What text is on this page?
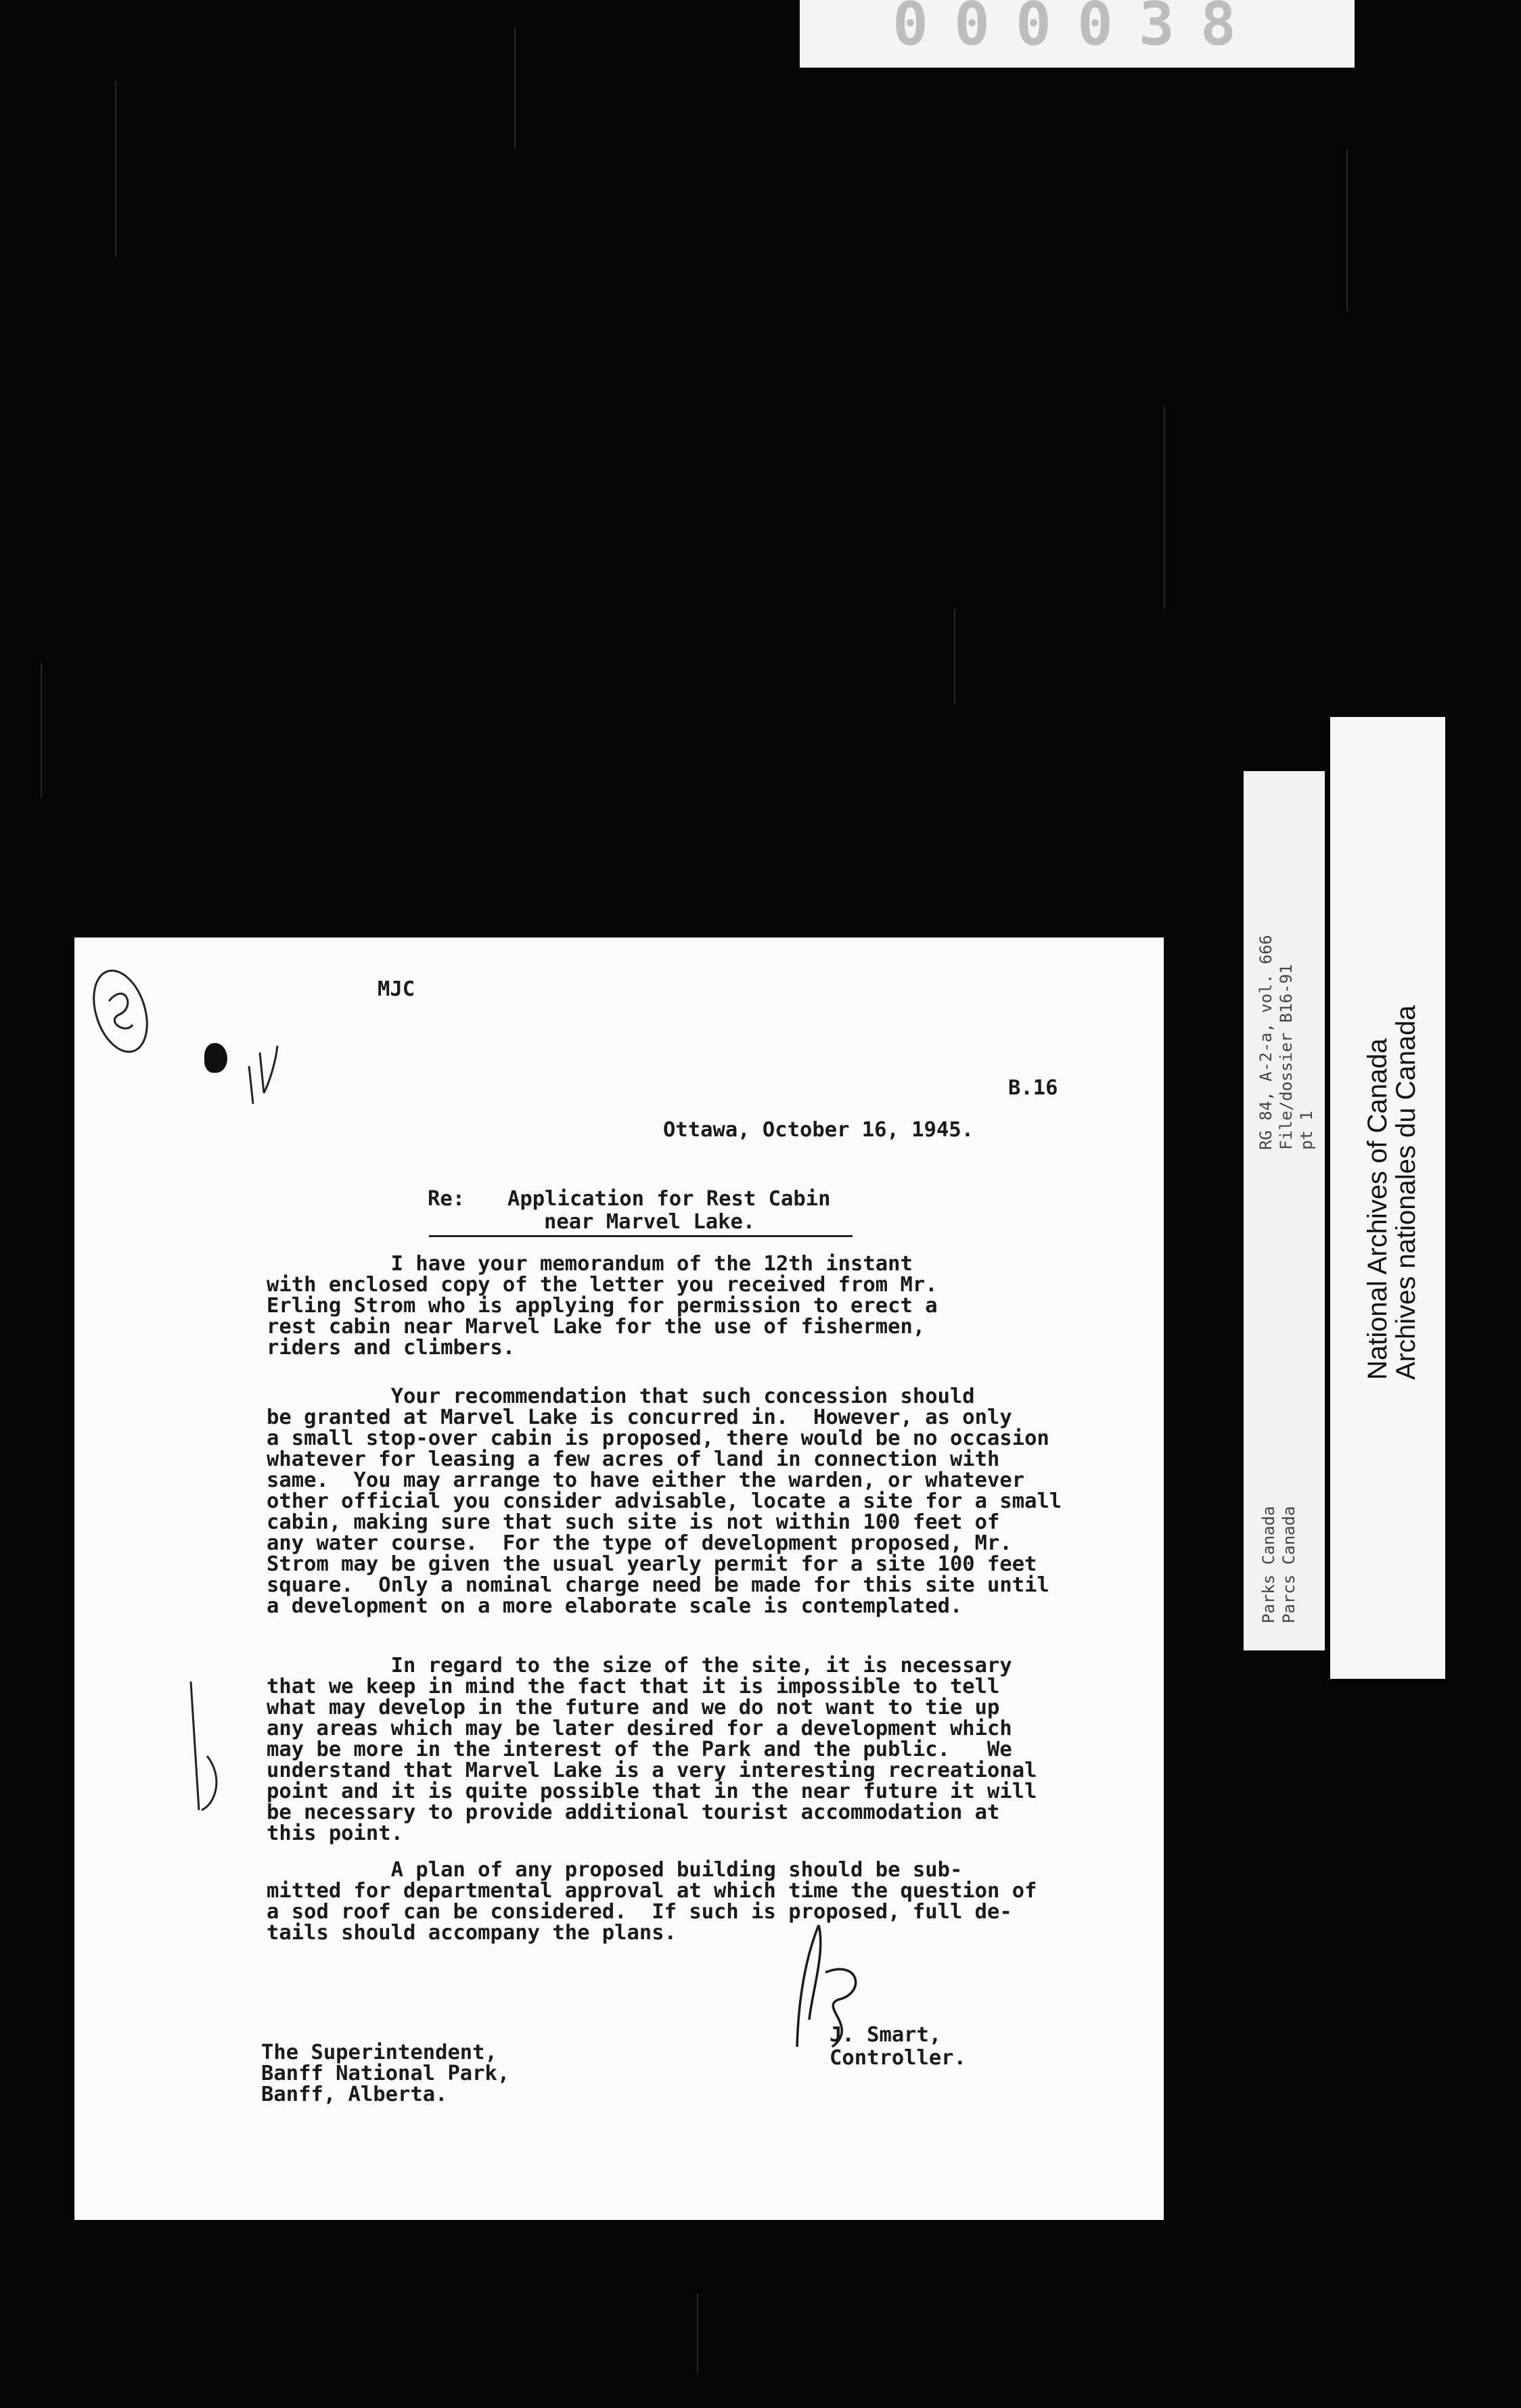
000038
RG 84, A-2-a, vol. 666
File/dossier B16-91
pt 1
Parks Canada
Parcs Canada
National Archives of Canada
Archives nationales du Canada

MJC

B.16

Ottawa, October 16, 1945.

Re: Application for Rest Cabin

near Marvel Lake.

I have your memorandum of the 12th instant

with enclosed copy of the letter you received from Mr.

Erling Strom who is applying for permission to erect a

rest cabin near Marvel Lake for the use of fishermen,

riders and climbers.

Your recommendation that such concession should

be granted at Marvel Lake is concurred in.  However, as only

a small stop-over cabin is proposed, there would be no occasion

whatever for leasing a few acres of land in connection with

same.  You may arrange to have either the warden, or whatever

other official you consider advisable, locate a site for a small

cabin, making sure that such site is not within 100 feet of

any water course.  For the type of development proposed, Mr.

Strom may be given the usual yearly permit for a site 100 feet

square.  Only a nominal charge need be made for this site until

a development on a more elaborate scale is contemplated.

In regard to the size of the site, it is necessary

that we keep in mind the fact that it is impossible to tell

what may develop in the future and we do not want to tie up

any areas which may be later desired for a development which

may be more in the interest of the Park and the public.   We

understand that Marvel Lake is a very interesting recreational

point and it is quite possible that in the near future it will

be necessary to provide additional tourist accommodation at

this point.

A plan of any proposed building should be sub-

mitted for departmental approval at which time the question of

a sod roof can be considered.  If such is proposed, full de-

tails should accompany the plans.

J. Smart,

Controller.

The Superintendent,

Banff National Park,

Banff, Alberta.
